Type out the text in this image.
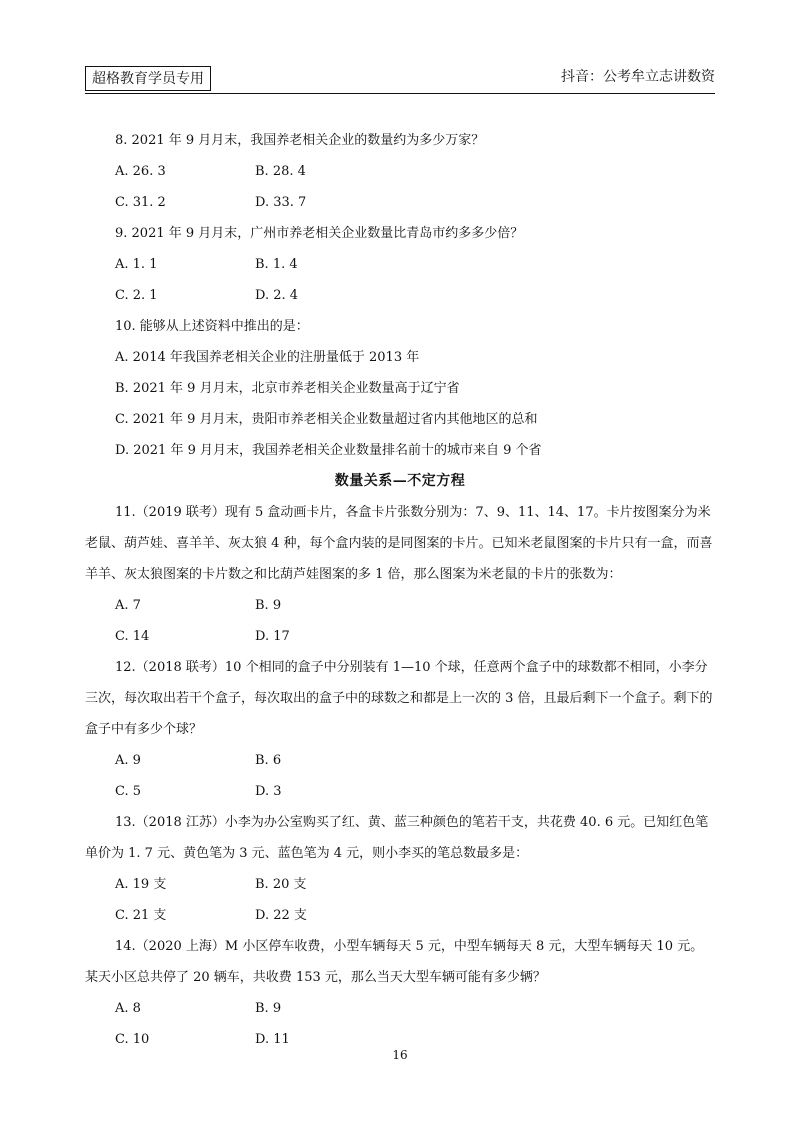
超格教育学员专用	抖音：公考牟立志讲数资

8. 2021 年 9 月月末，我国养老相关企业的数量约为多少万家？

A. 26. 3	B. 28. 4
C. 31. 2	D. 33. 7

9. 2021 年 9 月月末，广州市养老相关企业数量比青岛市约多多少倍？

A. 1. 1	B. 1. 4
C. 2. 1	D. 2. 4

10. 能够从上述资料中推出的是：

A. 2014 年我国养老相关企业的注册量低于 2013 年

B. 2021 年 9 月月末，北京市养老相关企业数量高于辽宁省

C. 2021 年 9 月月末，贵阳市养老相关企业数量超过省内其他地区的总和

D. 2021 年 9 月月末，我国养老相关企业数量排名前十的城市来自 9 个省

数量关系—不定方程

11.（2019 联考）现有 5 盒动画卡片，各盒卡片张数分别为：7、9、11、14、17。卡片按图案分为米老鼠、葫芦娃、喜羊羊、灰太狼 4 种，每个盒内装的是同图案的卡片。已知米老鼠图案的卡片只有一盒，而喜羊羊、灰太狼图案的卡片数之和比葫芦娃图案的多 1 倍，那么图案为米老鼠的卡片的张数为：

A. 7	B. 9
C. 14	D. 17

12.（2018 联考）10 个相同的盒子中分别装有 1—10 个球，任意两个盒子中的球数都不相同，小李分三次，每次取出若干个盒子，每次取出的盒子中的球数之和都是上一次的 3 倍，且最后剩下一个盒子。剩下的盒子中有多少个球？

A. 9	B. 6
C. 5	D. 3

13.（2018 江苏）小李为办公室购买了红、黄、蓝三种颜色的笔若干支，共花费 40. 6 元。已知红色笔单价为 1. 7 元、黄色笔为 3 元、蓝色笔为 4 元，则小李买的笔总数最多是：

A. 19 支	B. 20 支
C. 21 支	D. 22 支

14.（2020 上海）M 小区停车收费，小型车辆每天 5 元，中型车辆每天 8 元，大型车辆每天 10 元。某天小区总共停了 20 辆车，共收费 153 元，那么当天大型车辆可能有多少辆？

A. 8	B. 9
C. 10	D. 11
16
